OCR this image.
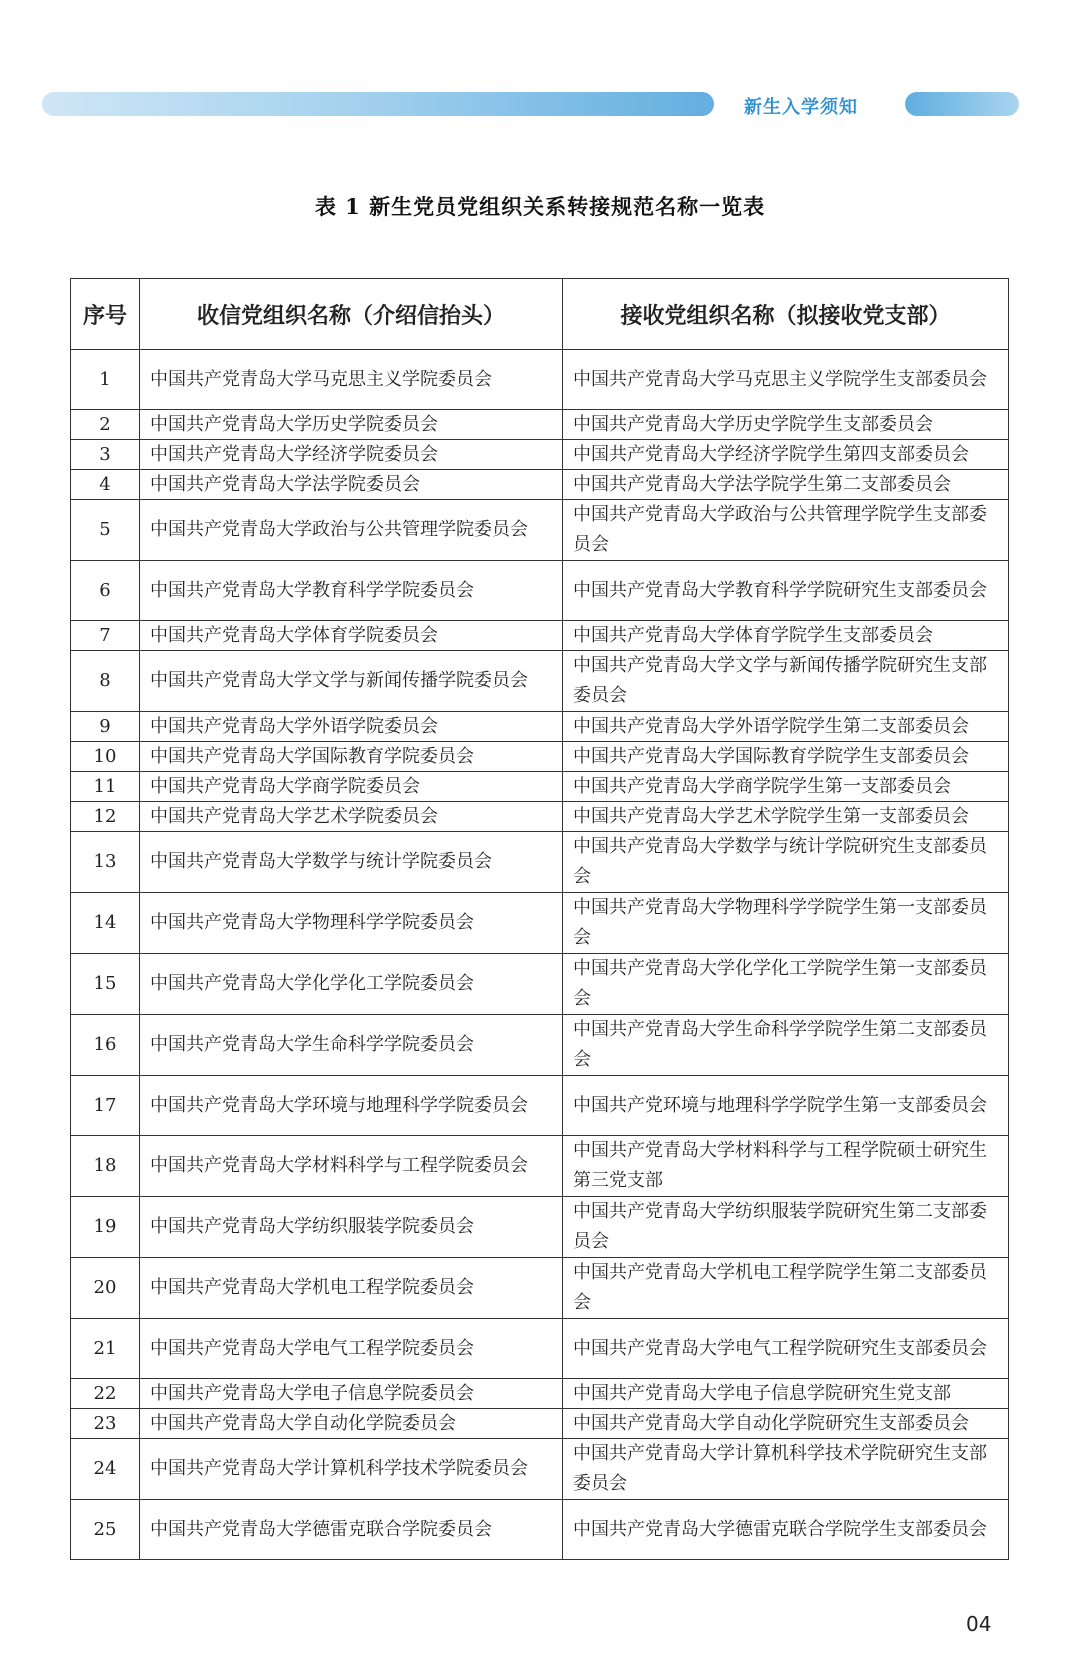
新生入学须知
表 1 新生党员党组织关系转接规范名称一览表
序号	收信党组织名称（介绍信抬头）	接收党组织名称（拟接收党支部）
1	中国共产党青岛大学马克思主义学院委员会	中国共产党青岛大学马克思主义学院学生支部委员会
2	中国共产党青岛大学历史学院委员会	中国共产党青岛大学历史学院学生支部委员会
3	中国共产党青岛大学经济学院委员会	中国共产党青岛大学经济学院学生第四支部委员会
4	中国共产党青岛大学法学院委员会	中国共产党青岛大学法学院学生第二支部委员会
5	中国共产党青岛大学政治与公共管理学院委员会	中国共产党青岛大学政治与公共管理学院学生支部委员会
6	中国共产党青岛大学教育科学学院委员会	中国共产党青岛大学教育科学学院研究生支部委员会
7	中国共产党青岛大学体育学院委员会	中国共产党青岛大学体育学院学生支部委员会
8	中国共产党青岛大学文学与新闻传播学院委员会	中国共产党青岛大学文学与新闻传播学院研究生支部委员会
9	中国共产党青岛大学外语学院委员会	中国共产党青岛大学外语学院学生第二支部委员会
10	中国共产党青岛大学国际教育学院委员会	中国共产党青岛大学国际教育学院学生支部委员会
11	中国共产党青岛大学商学院委员会	中国共产党青岛大学商学院学生第一支部委员会
12	中国共产党青岛大学艺术学院委员会	中国共产党青岛大学艺术学院学生第一支部委员会
13	中国共产党青岛大学数学与统计学院委员会	中国共产党青岛大学数学与统计学院研究生支部委员会
14	中国共产党青岛大学物理科学学院委员会	中国共产党青岛大学物理科学学院学生第一支部委员会
15	中国共产党青岛大学化学化工学院委员会	中国共产党青岛大学化学化工学院学生第一支部委员会
16	中国共产党青岛大学生命科学学院委员会	中国共产党青岛大学生命科学学院学生第二支部委员会
17	中国共产党青岛大学环境与地理科学学院委员会	中国共产党环境与地理科学学院学生第一支部委员会
18	中国共产党青岛大学材料科学与工程学院委员会	中国共产党青岛大学材料科学与工程学院硕士研究生第三党支部
19	中国共产党青岛大学纺织服装学院委员会	中国共产党青岛大学纺织服装学院研究生第二支部委员会
20	中国共产党青岛大学机电工程学院委员会	中国共产党青岛大学机电工程学院学生第二支部委员会
21	中国共产党青岛大学电气工程学院委员会	中国共产党青岛大学电气工程学院研究生支部委员会
22	中国共产党青岛大学电子信息学院委员会	中国共产党青岛大学电子信息学院研究生党支部
23	中国共产党青岛大学自动化学院委员会	中国共产党青岛大学自动化学院研究生支部委员会
24	中国共产党青岛大学计算机科学技术学院委员会	中国共产党青岛大学计算机科学技术学院研究生支部委员会
25	中国共产党青岛大学德雷克联合学院委员会	中国共产党青岛大学德雷克联合学院学生支部委员会
04
